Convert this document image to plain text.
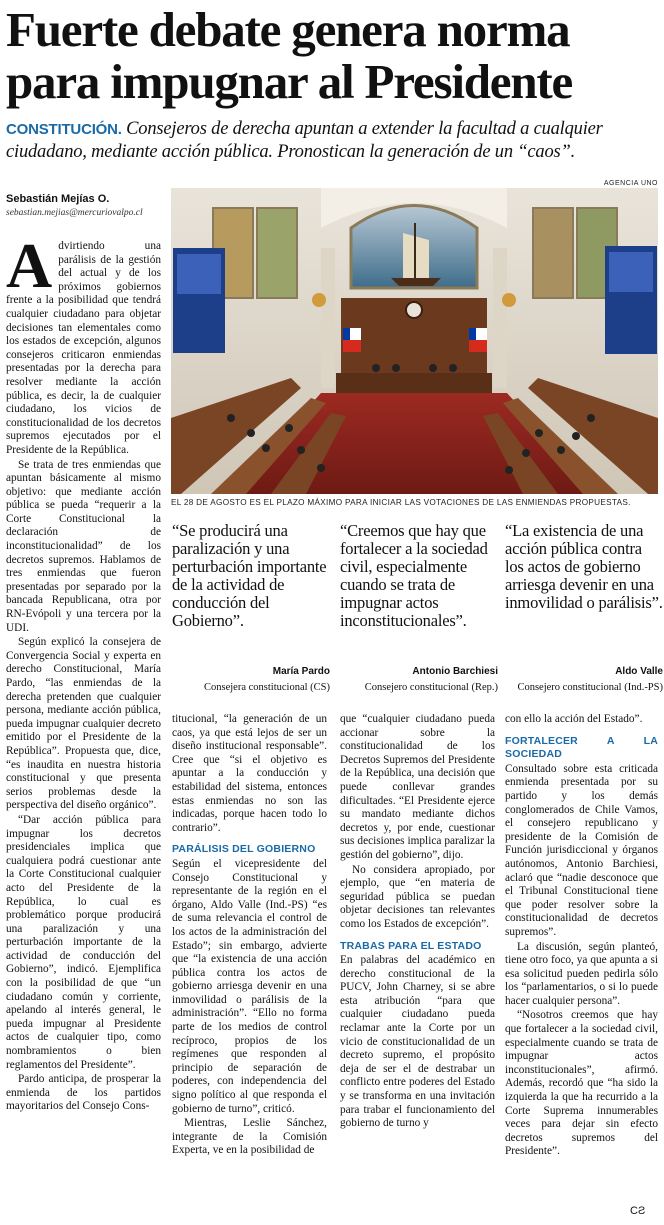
Fuerte debate genera norma para impugnar al Presidente
CONSTITUCIÓN. Consejeros de derecha apuntan a extender la facultad a cualquier ciudadano, mediante acción pública. Pronostican la generación de un “caos”.
Sebastián Mejías O.
sebastian.mejias@mercuriovalpo.cl

Advirtiendo una parálisis de la gestión del actual y de los próximos gobiernos frente a la posibilidad que tendrá cualquier ciudadano para objetar decisiones tan elementales como los estados de excepción, algunos consejeros criticaron enmiendas presentadas por la derecha para resolver mediante la acción pública, es decir, la de cualquier ciudadano, los vicios de constitucionalidad de los decretos supremos ejecutados por el Presidente de la República.

Se trata de tres enmiendas que apuntan básicamente al mismo objetivo: que mediante acción pública se pueda “requerir a la Corte Constitucional la declaración de inconstitucionalidad” de los decretos supremos. Hablamos de tres enmiendas que fueron presentadas por separado por la bancada Republicana, otra por RN-Evópoli y una tercera por la UDI.

Según explicó la consejera de Convergencia Social y experta en derecho Constitucional, María Pardo, “las enmiendas de la derecha pretenden que cualquier persona, mediante acción pública, pueda impugnar cualquier decreto emitido por el Presidente de la República”. Propuesta que, dice, “es inaudita en nuestra historia constitucional y que presenta serios problemas desde la perspectiva del diseño orgánico”.

“Dar acción pública para impugnar los decretos presidenciales implica que cualquiera podrá cuestionar ante la Corte Constitucional cualquier acto del Presidente de la República, lo cual es problemático porque producirá una paralización y una perturbación importante de la actividad de conducción del Gobierno”, indicó. Ejemplifica con la posibilidad de que “un ciudadano común y corriente, apelando al interés general, le pueda impugnar al Presidente actos de cualquier tipo, como nombramientos o bien reglamentos del Presidente”.

Pardo anticipa, de prosperar la enmienda de los partidos mayoritarios del Consejo Cons-

AGENCIA UNO
EL 28 DE AGOSTO ES EL PLAZO MÁXIMO PARA INICIAR LAS VOTACIONES DE LAS ENMIENDAS PROPUESTAS.
“Se producirá una paralización y una perturbación importante de la actividad de conducción del Gobierno”.
María Pardo
Consejera constitucional (CS)
“Creemos que hay que fortalecer a la sociedad civil, especialmente cuando se trata de impugnar actos inconstitucionales”.
Antonio Barchiesi
Consejero constitucional (Rep.)
“La existencia de una acción pública contra los actos de gobierno arriesga devenir en una inmovilidad o parálisis”.
Aldo Valle
Consejero constitucional (Ind.-PS)

titucional, “la generación de un caos, ya que está lejos de ser un diseño institucional responsable”. Cree que “si el objetivo es apuntar a la conducción y estabilidad del sistema, entonces estas enmiendas no son las indicadas, porque hacen todo lo contrario”.

PARÁLISIS DEL GOBIERNO

Según el vicepresidente del Consejo Constitucional y representante de la región en el órgano, Aldo Valle (Ind.-PS) “es de suma relevancia el control de los actos de la administración del Estado”; sin embargo, advierte que “la existencia de una acción pública contra los actos de gobierno arriesga devenir en una inmovilidad o parálisis de la administración”. “Ello no forma parte de los medios de control recíproco, propios de los regímenes que responden al principio de separación de poderes, con independencia del signo político al que responda el gobierno de turno”, criticó.

Mientras, Leslie Sánchez, integrante de la Comisión Experta, ve en la posibilidad de

que “cualquier ciudadano pueda accionar sobre la constitucionalidad de los Decretos Supremos del Presidente de la República, una decisión que puede conllevar grandes dificultades. “El Presidente ejerce su mandato mediante dichos decretos y, por ende, cuestionar sus decisiones implica paralizar la gestión del gobierno”, dijo.

No considera apropiado, por ejemplo, que “en materia de seguridad pública se puedan objetar decisiones tan relevantes como los Estados de excepción”.

TRABAS PARA EL ESTADO

En palabras del académico en derecho constitucional de la PUCV, John Charney, si se abre esta atribución “para que cualquier ciudadano pueda reclamar ante la Corte por un vicio de constitucionalidad de un decreto supremo, el propósito deja de ser el de destrabar un conflicto entre poderes del Estado y se transforma en una invitación para trabar el funcionamiento del gobierno de turno y

con ello la acción del Estado”.

FORTALECER A LA SOCIEDAD

Consultado sobre esta criticada enmienda presentada por su partido y los demás conglomerados de Chile Vamos, el consejero republicano y presidente de la Comisión de Función jurisdiccional y órganos autónomos, Antonio Barchiesi, aclaró que “nadie desconoce que el Tribunal Constitucional tiene que poder resolver sobre la constitucionalidad de decretos supremos”.

La discusión, según planteó, tiene otro foco, ya que apunta a si esa solicitud pueden pedirla sólo los “parlamentarios, o si lo puede hacer cualquier persona”.

“Nosotros creemos que hay que fortalecer a la sociedad civil, especialmente cuando se trata de impugnar actos inconstitucionales”, afirmó. Además, recordó que “ha sido la izquierda la que ha recurrido a la Corte Suprema innumerables veces para dejar sin efecto decretos supremos del Presidente”.

CƧ
